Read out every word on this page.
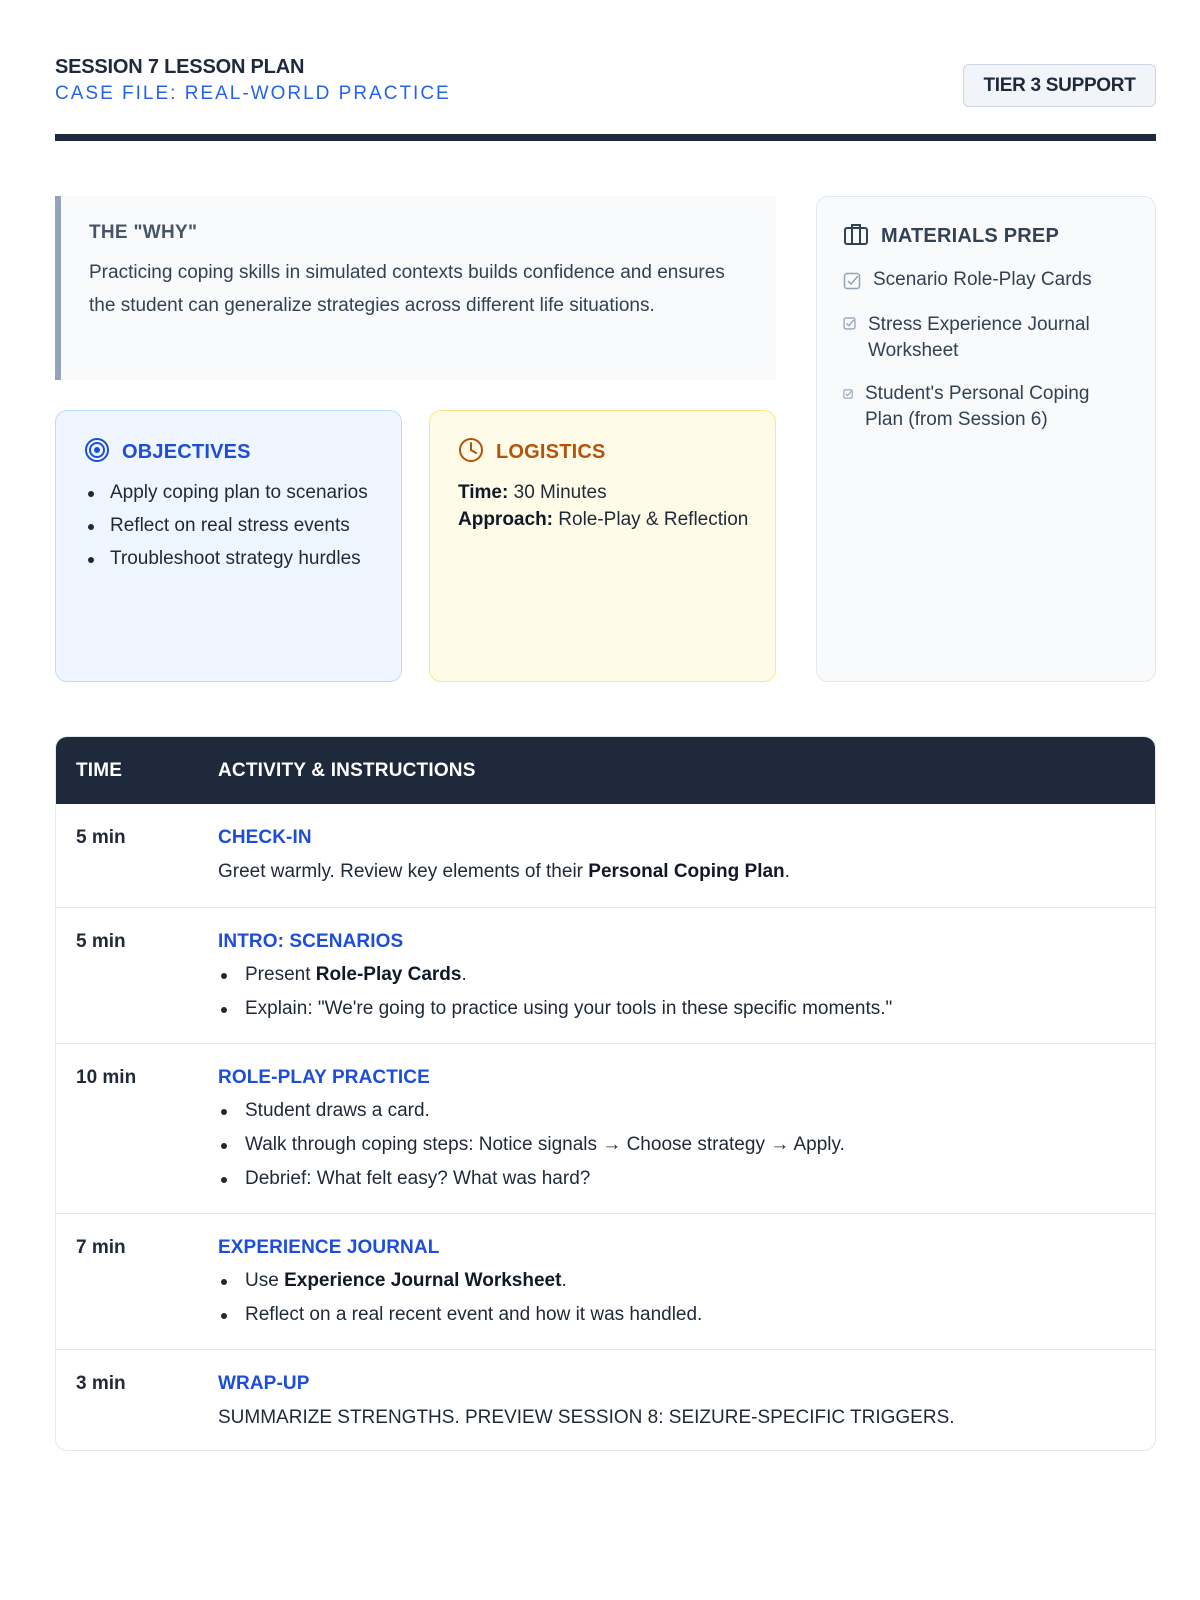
SESSION 7 LESSON PLAN
CASE FILE: REAL-WORLD PRACTICE	TIER 3 SUPPORT
THE "WHY"
Practicing coping skills in simulated contexts builds confidence and ensures the student can generalize strategies across different life situations.
OBJECTIVES
Apply coping plan to scenarios
Reflect on real stress events
Troubleshoot strategy hurdles
LOGISTICS
Time: 30 Minutes
Approach: Role-Play & Reflection
MATERIALS PREP
Scenario Role-Play Cards
Stress Experience Journal Worksheet
Student's Personal Coping Plan (from Session 6)
TIME	ACTIVITY & INSTRUCTIONS
5 min	CHECK-IN
Greet warmly. Review key elements of their Personal Coping Plan.
5 min	INTRO: SCENARIOS
Present Role-Play Cards.
Explain: "We're going to practice using your tools in these specific moments."
10 min	ROLE-PLAY PRACTICE
Student draws a card.
Walk through coping steps: Notice signals → Choose strategy → Apply.
Debrief: What felt easy? What was hard?
7 min	EXPERIENCE JOURNAL
Use Experience Journal Worksheet.
Reflect on a real recent event and how it was handled.
3 min	WRAP-UP
SUMMARIZE STRENGTHS. PREVIEW SESSION 8: SEIZURE-SPECIFIC TRIGGERS.
